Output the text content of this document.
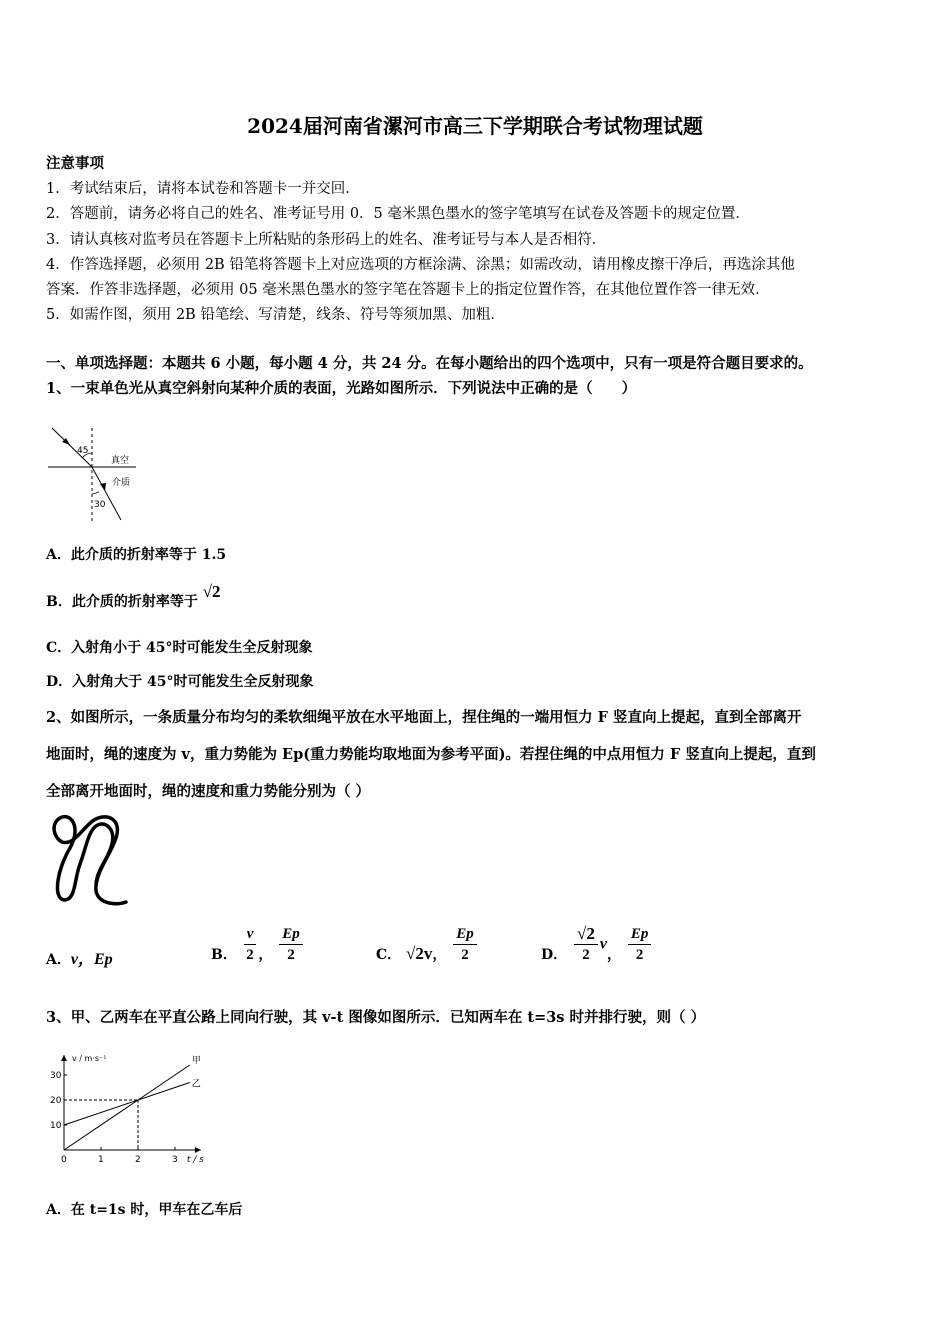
2024届河南省漯河市高三下学期联合考试物理试题
注意事项
1．考试结束后，请将本试卷和答题卡一并交回．
2．答题前，请务必将自己的姓名、准考证号用 0．5 毫米黑色墨水的签字笔填写在试卷及答题卡的规定位置．
3．请认真核对监考员在答题卡上所粘贴的条形码上的姓名、准考证号与本人是否相符．
4．作答选择题，必须用 2B 铅笔将答题卡上对应选项的方框涂满、涂黑；如需改动，请用橡皮擦干净后，再选涂其他
答案．作答非选择题，必须用 05 毫米黑色墨水的签字笔在答题卡上的指定位置作答，在其他位置作答一律无效．
5．如需作图，须用 2B 铅笔绘、写清楚，线条、符号等须加黑、加粗．
一、单项选择题：本题共 6 小题，每小题 4 分，共 24 分。在每小题给出的四个选项中，只有一项是符合题目要求的。
1、一束单色光从真空斜射向某种介质的表面，光路如图所示．下列说法中正确的是（　　）
45
30
真空
介质
A．此介质的折射率等于 1.5
B．此介质的折射率等于 √2
C．入射角小于 45°时可能发生全反射现象
D．入射角大于 45°时可能发生全反射现象
2、如图所示，一条质量分布均匀的柔软细绳平放在水平地面上，捏住绳的一端用恒力 F 竖直向上提起，直到全部离开
地面时，绳的速度为 v，重力势能为 Ep(重力势能均取地面为参考平面)。若捏住绳的中点用恒力 F 竖直向上提起，直到
全部离开地面时，绳的速度和重力势能分别为（ ）
A．v，Ep	B． $\frac{v}{2}$ ， $\frac{Ep}{2}$	C． √2v， $\frac{Ep}{2}$	D． $\frac{√2}{2}$ v， $\frac{Ep}{2}$
3、甲、乙两车在平直公路上同向行驶，其 v-t 图像如图所示．已知两车在 t=3s 时并排行驶，则（ ）
0	1	2	3
10
20
30
甲
乙
t / s
v / m·s⁻¹
A．在 t=1s 时，甲车在乙车后
